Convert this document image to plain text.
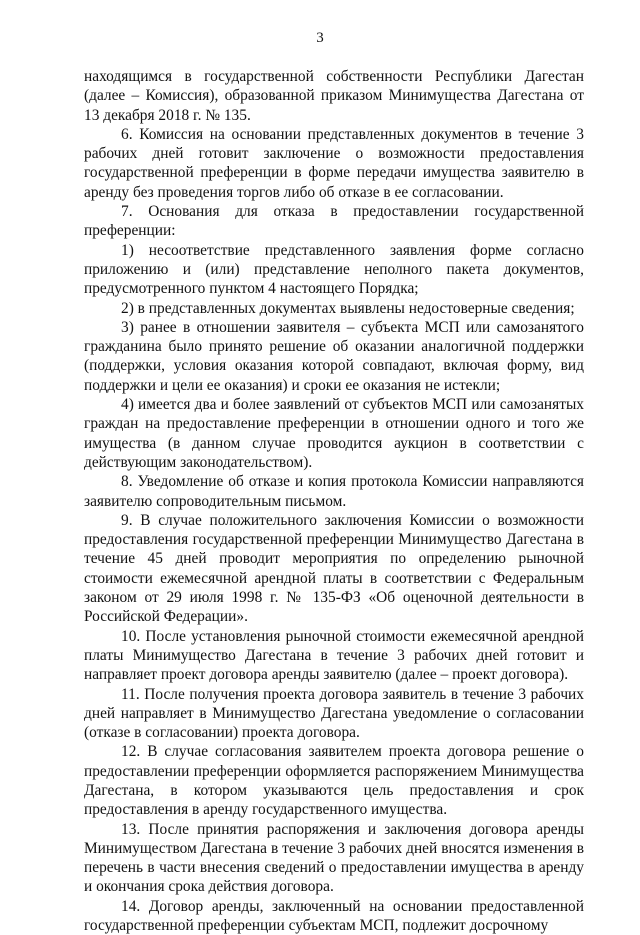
3

находящимся в государственной собственности Республики Дагестан (далее – Комиссия), образованной приказом Минимущества Дагестана от 13 декабря 2018 г. № 135.

6. Комиссия на основании представленных документов в течение 3 рабочих дней готовит заключение о возможности предоставления государственной преференции в форме передачи имущества заявителю в аренду без проведения торгов либо об отказе в ее согласовании.

7. Основания для отказа в предоставлении государственной преференции:

1) несоответствие представленного заявления форме согласно приложению и (или) представление неполного пакета документов, предусмотренного пунктом 4 настоящего Порядка;

2) в представленных документах выявлены недостоверные сведения;

3) ранее в отношении заявителя – субъекта МСП или самозанятого гражданина было принято решение об оказании аналогичной поддержки (поддержки, условия оказания которой совпадают, включая форму, вид поддержки и цели ее оказания) и сроки ее оказания не истекли;

4) имеется два и более заявлений от субъектов МСП или самозанятых граждан на предоставление преференции в отношении одного и того же имущества (в данном случае проводится аукцион в соответствии с действующим законодательством).

8. Уведомление об отказе и копия протокола Комиссии направляются заявителю сопроводительным письмом.

9. В случае положительного заключения Комиссии о возможности предоставления государственной преференции Минимущество Дагестана в течение 45 дней проводит мероприятия по определению рыночной стоимости ежемесячной арендной платы в соответствии с Федеральным законом от 29 июля 1998 г. № 135-ФЗ «Об оценочной деятельности в Российской Федерации».

10. После установления рыночной стоимости ежемесячной арендной платы Минимущество Дагестана в течение 3 рабочих дней готовит и направляет проект договора аренды заявителю (далее – проект договора).

11. После получения проекта договора заявитель в течение 3 рабочих дней направляет в Минимущество Дагестана уведомление о согласовании (отказе в согласовании) проекта договора.

12. В случае согласования заявителем проекта договора решение о предоставлении преференции оформляется распоряжением Минимущества Дагестана, в котором указываются цель предоставления и срок предоставления в аренду государственного имущества.

13. После принятия распоряжения и заключения договора аренды Минимуществом Дагестана в течение 3 рабочих дней вносятся изменения в перечень в части внесения сведений о предоставлении имущества в аренду и окончания срока действия договора.

14. Договор аренды, заключенный на основании предоставленной государственной преференции субъектам МСП, подлежит досрочному
